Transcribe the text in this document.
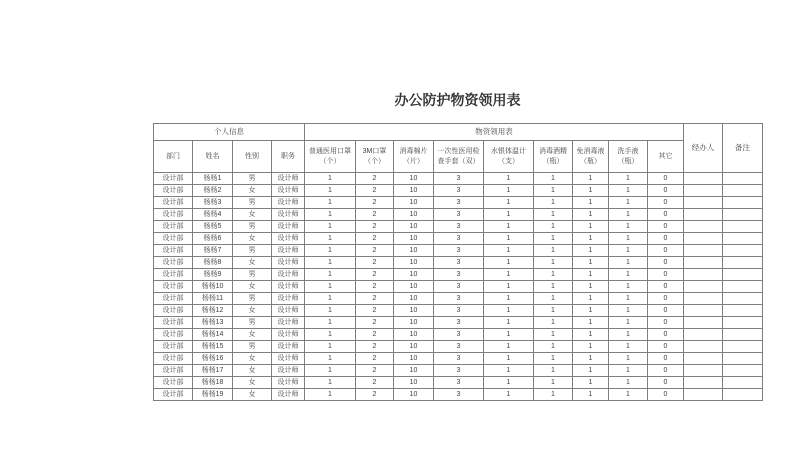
办公防护物资领用表
个人信息				物资领用表									经办人	备注
部门	姓名	性别	职务	普通医用口罩（个）	3M口罩（个）	消毒棉片（片）	一次性医用检查手套（双）	水银体温计（支）	消毒酒精（瓶）	免消毒液（瓶）	洗手液（瓶）	其它		
设计部	杨杨1	男	设计师	1	2	10	3	1	1	1	1	0		
设计部	杨杨2	女	设计师	1	2	10	3	1	1	1	1	0		
设计部	杨杨3	男	设计师	1	2	10	3	1	1	1	1	0		
设计部	杨杨4	女	设计师	1	2	10	3	1	1	1	1	0		
设计部	杨杨5	男	设计师	1	2	10	3	1	1	1	1	0		
设计部	杨杨6	女	设计师	1	2	10	3	1	1	1	1	0		
设计部	杨杨7	男	设计师	1	2	10	3	1	1	1	1	0		
设计部	杨杨8	女	设计师	1	2	10	3	1	1	1	1	0		
设计部	杨杨9	男	设计师	1	2	10	3	1	1	1	1	0		
设计部	杨杨10	女	设计师	1	2	10	3	1	1	1	1	0		
设计部	杨杨11	男	设计师	1	2	10	3	1	1	1	1	0		
设计部	杨杨12	女	设计师	1	2	10	3	1	1	1	1	0		
设计部	杨杨13	男	设计师	1	2	10	3	1	1	1	1	0		
设计部	杨杨14	女	设计师	1	2	10	3	1	1	1	1	0		
设计部	杨杨15	男	设计师	1	2	10	3	1	1	1	1	0		
设计部	杨杨16	女	设计师	1	2	10	3	1	1	1	1	0		
设计部	杨杨17	女	设计师	1	2	10	3	1	1	1	1	0		
设计部	杨杨18	女	设计师	1	2	10	3	1	1	1	1	0		
设计部	杨杨19	女	设计师	1	2	10	3	1	1	1	1	0		
